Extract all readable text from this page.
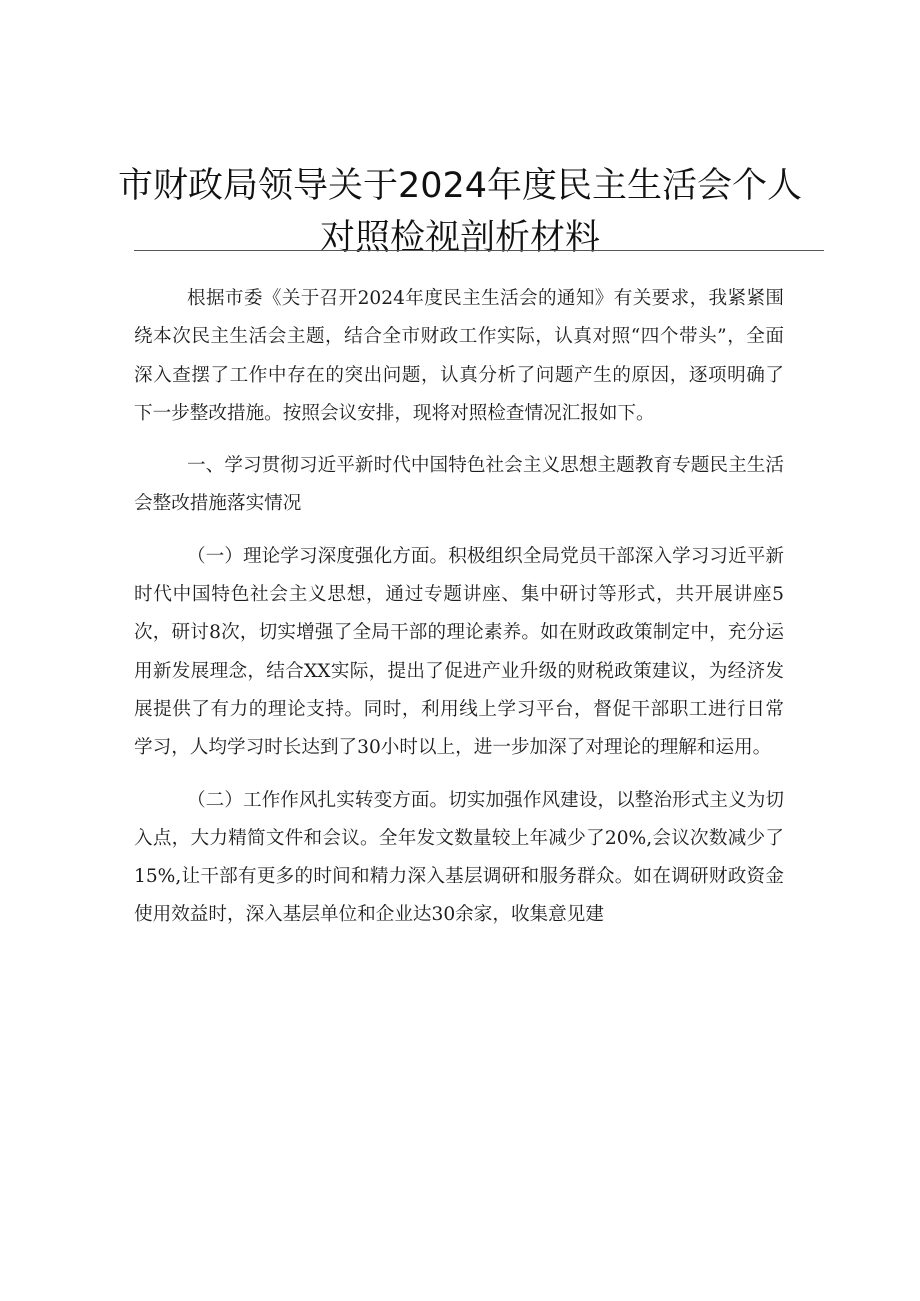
市财政局领导关于2024年度民主生活会个人
对照检视剖析材料

根据市委《关于召开2024年度民主生活会的通知》有关要求，我紧紧围绕本次民主生活会主题，结合全市财政工作实际，认真对照“四个带头”，全面深入查摆了工作中存在的突出问题，认真分析了问题产生的原因，逐项明确了下一步整改措施。按照会议安排，现将对照检查情况汇报如下。

一、学习贯彻习近平新时代中国特色社会主义思想主题教育专题民主生活会整改措施落实情况

（一）理论学习深度强化方面。积极组织全局党员干部深入学习习近平新时代中国特色社会主义思想，通过专题讲座、集中研讨等形式，共开展讲座5次，研讨8次，切实增强了全局干部的理论素养。如在财政政策制定中，充分运用新发展理念，结合XX实际，提出了促进产业升级的财税政策建议，为经济发展提供了有力的理论支持。同时，利用线上学习平台，督促干部职工进行日常学习，人均学习时长达到了30小时以上，进一步加深了对理论的理解和运用。

（二）工作作风扎实转变方面。切实加强作风建设，以整治形式主义为切入点，大力精简文件和会议。全年发文数量较上年减少了20%,会议次数减少了15%,让干部有更多的时间和精力深入基层调研和服务群众。如在调研财政资金使用效益时，深入基层单位和企业达30余家，收集意见建
